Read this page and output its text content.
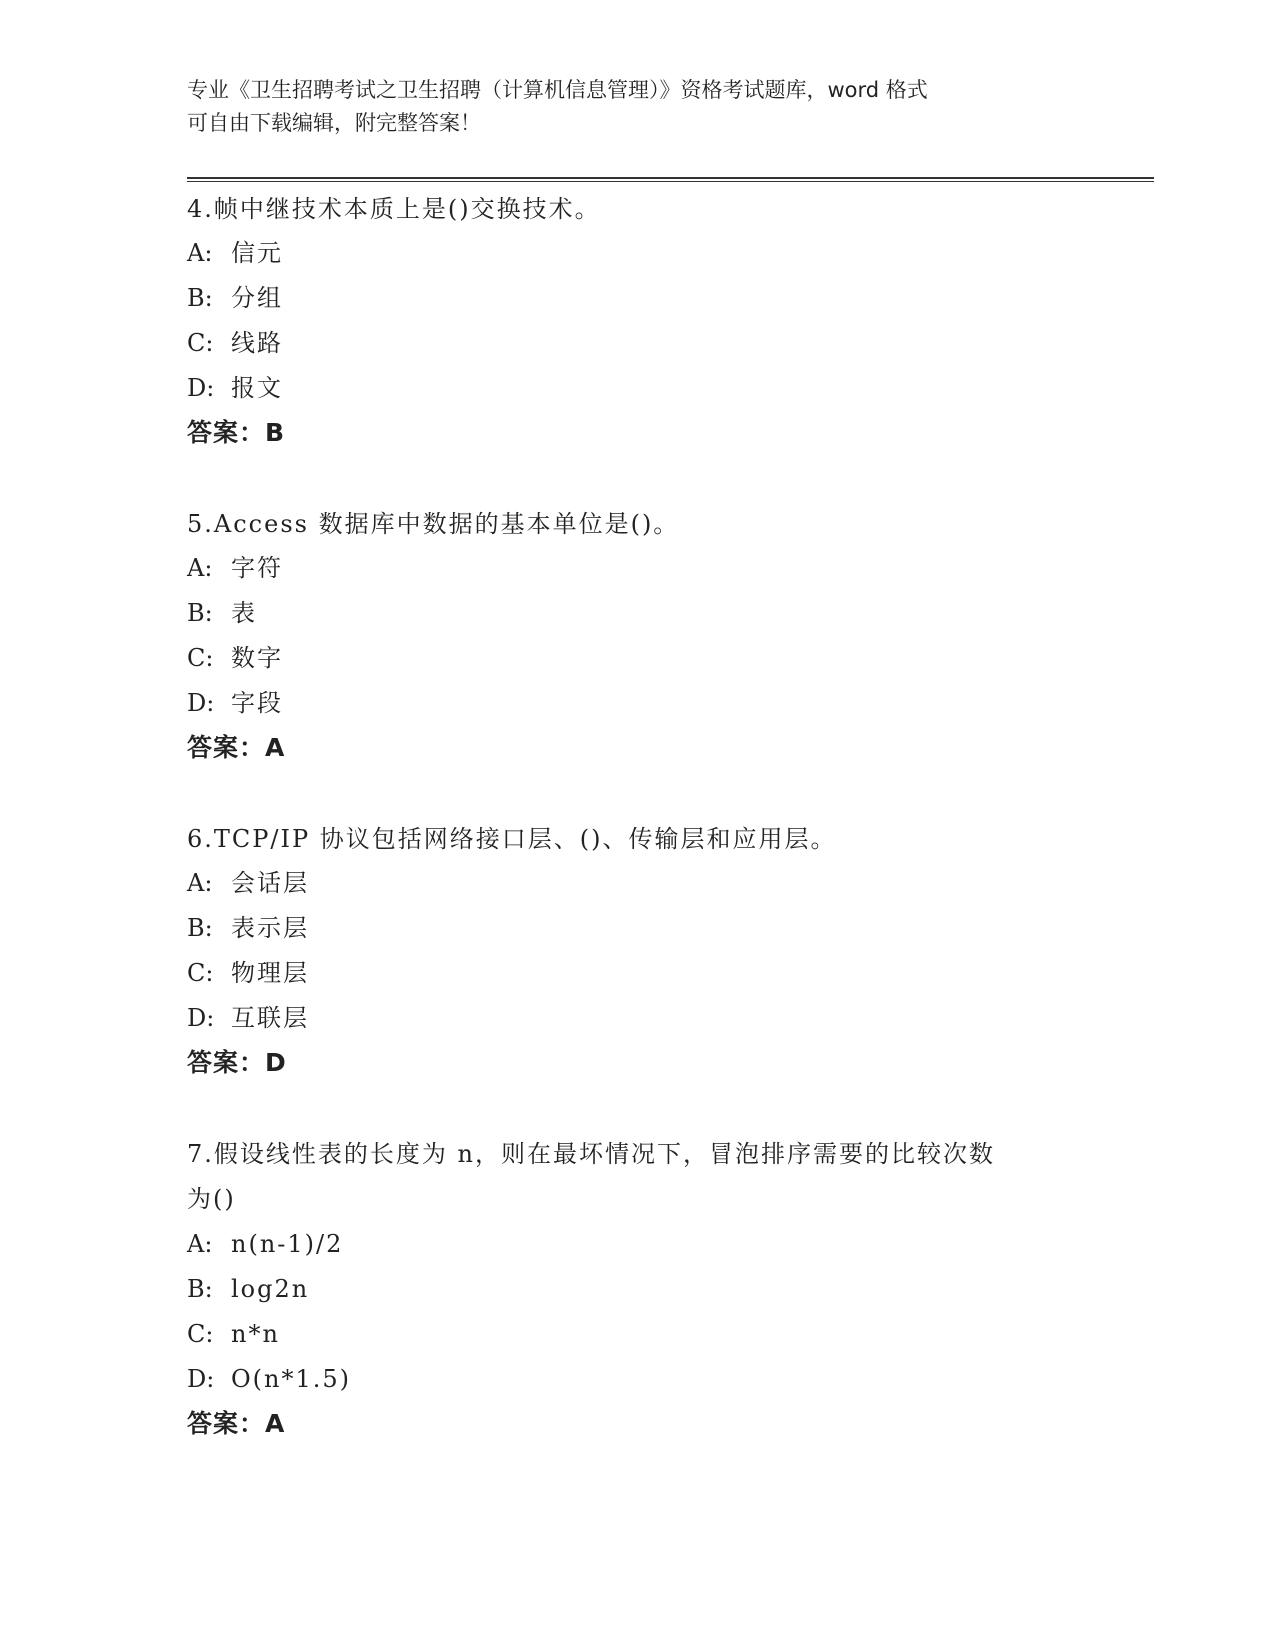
专业《卫生招聘考试之卫生招聘（计算机信息管理）》资格考试题库，word 格式
可自由下载编辑，附完整答案！
4.帧中继技术本质上是()交换技术。
A: 信元
B: 分组
C: 线路
D: 报文
答案：B
5.Access 数据库中数据的基本单位是()。
A: 字符
B: 表
C: 数字
D: 字段
答案：A
6.TCP/IP 协议包括网络接口层、()、传输层和应用层。
A: 会话层
B: 表示层
C: 物理层
D: 互联层
答案：D
7.假设线性表的长度为 n，则在最坏情况下，冒泡排序需要的比较次数
为()
A: n(n-1)/2
B: log2n
C: n*n
D: O(n*1.5)
答案：A
